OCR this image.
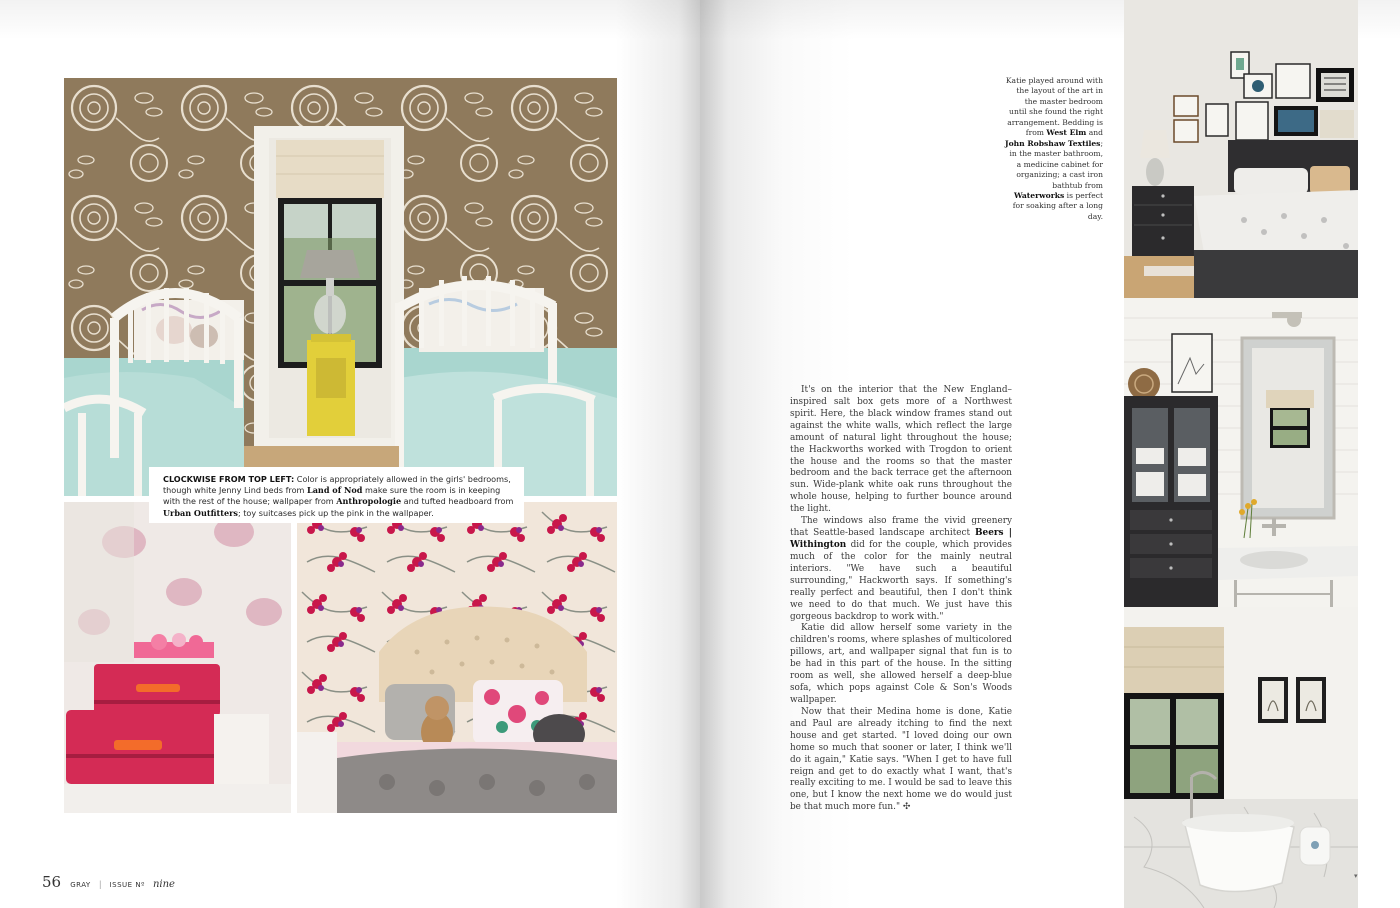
CLOCKWISE FROM TOP LEFT: Color is appropriately allowed in the girls' bedrooms, though white Jenny Lind beds from Land of Nod make sure the room is in keeping with the rest of the house; wallpaper from Anthropologie and tufted headboard from Urban Outfitters; toy suitcases pick up the pink in the wallpaper.
56 GRAY | ISSUE Nº nine
Katie played around with the layout of the art in the master bedroom until she found the right arrangement. Bedding is from West Elm and John Robshaw Textiles; in the master bathroom, a medicine cabinet for organizing; a cast iron bathtub from Waterworks is perfect for soaking after a long day.

It's on the interior that the New England–inspired salt box gets more of a Northwest spirit. Here, the black window frames stand out against the white walls, which reflect the large amount of natural light throughout the house; the Hackworths worked with Trogdon to orient the house and the rooms so that the master bedroom and the back terrace get the afternoon sun. Wide-plank white oak runs throughout the whole house, helping to further bounce around the light.

The windows also frame the vivid greenery that Seattle-based landscape architect Beers | Withington did for the couple, which provides much of the color for the mainly neutral interiors. "We have such a beautiful surrounding," Hackworth says. If something's really perfect and beautiful, then I don't think we need to do that much. We just have this gorgeous backdrop to work with."

Katie did allow herself some variety in the children's rooms, where splashes of multicolored pillows, art, and wallpaper signal that fun is to be had in this part of the house. In the sitting room as well, she allowed herself a deep-blue sofa, which pops against Cole & Son's Woods wallpaper.

Now that their Medina home is done, Katie and Paul are already itching to find the next house and get started. "I loved doing our own home so much that sooner or later, I think we'll do it again," Katie says. "When I get to have full reign and get to do exactly what I want, that's really exciting to me. I would be sad to leave this one, but I know the next home we do would just be that much more fun." ✣

▾
